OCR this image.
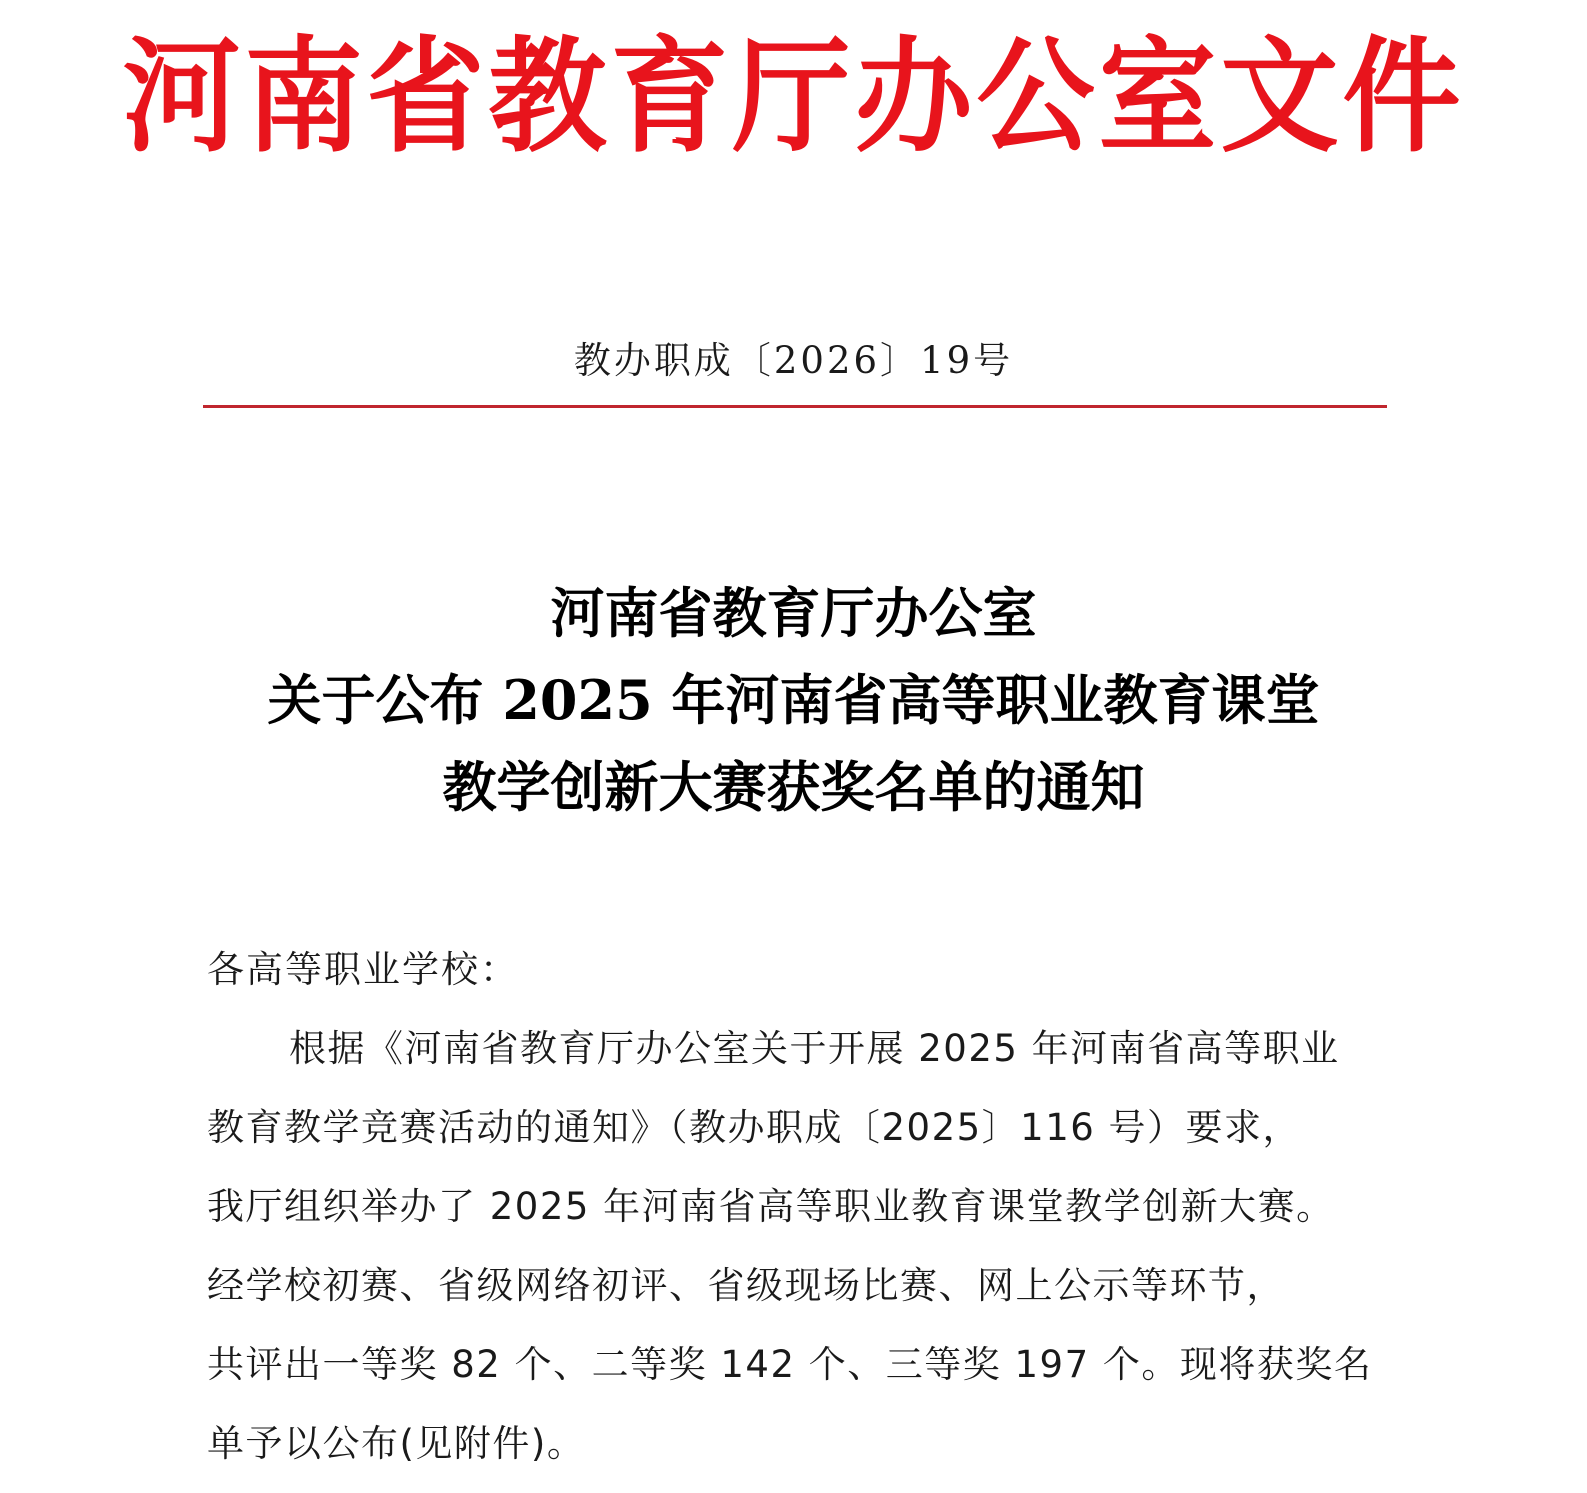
河南省教育厅办公室文件
教办职成〔2026〕19号
河南省教育厅办公室
关于公布 2025 年河南省高等职业教育课堂
教学创新大赛获奖名单的通知
各高等职业学校：
根据《河南省教育厅办公室关于开展 2025 年河南省高等职业
教育教学竞赛活动的通知》（教办职成〔2025〕116 号）要求，
我厅组织举办了 2025 年河南省高等职业教育课堂教学创新大赛。
经学校初赛、省级网络初评、省级现场比赛、网上公示等环节，
共评出一等奖 82 个、二等奖 142 个、三等奖 197 个。现将获奖名
单予以公布(见附件)。
